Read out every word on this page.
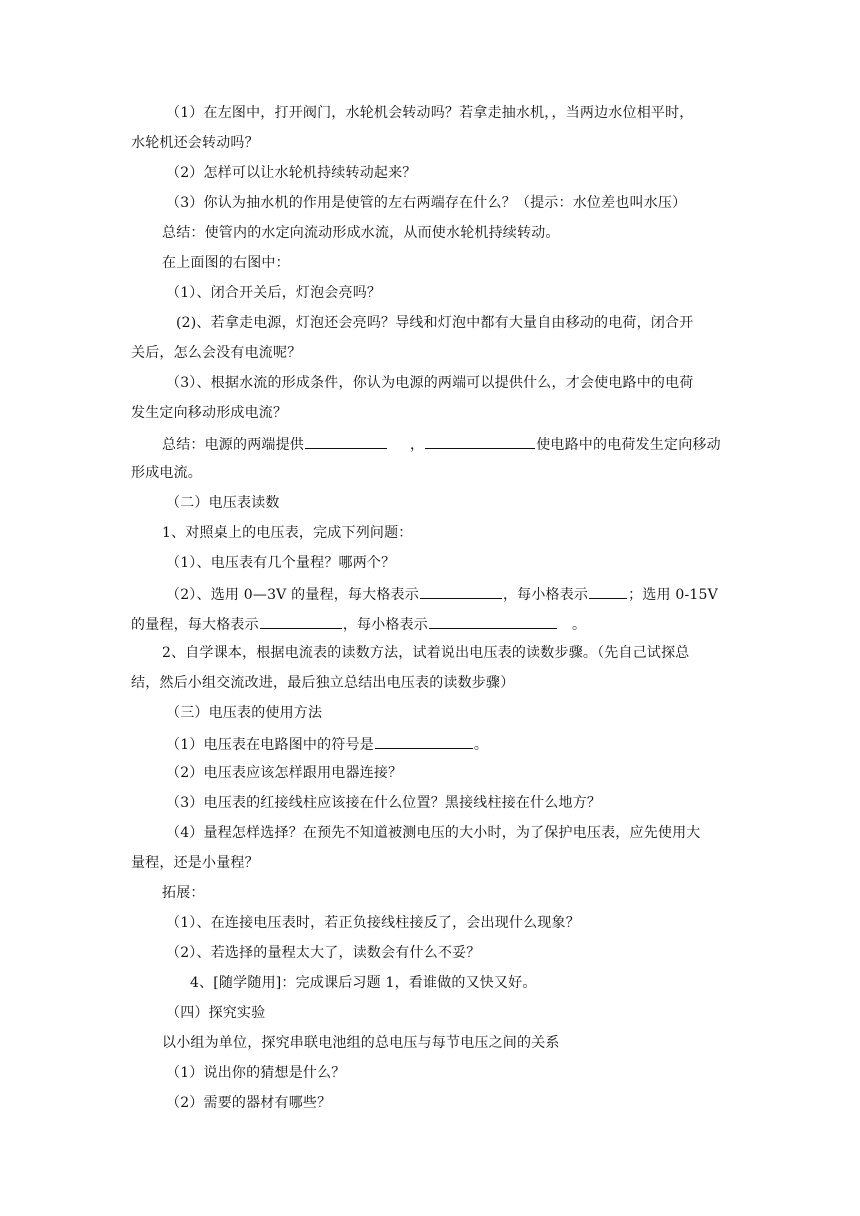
（1）在左图中，打开阀门，水轮机会转动吗？若拿走抽水机，，当两边水位相平时，
水轮机还会转动吗？
（2）怎样可以让水轮机持续转动起来？
（3）你认为抽水机的作用是使管的左右两端存在什么？（提示：水位差也叫水压）
总结：使管内的水定向流动形成水流，从而使水轮机持续转动。
在上面图的右图中：
（1）、闭合开关后，灯泡会亮吗？
(2)、若拿走电源，灯泡还会亮吗？导线和灯泡中都有大量自由移动的电荷，闭合开
关后，怎么会没有电流呢？
（3）、根据水流的形成条件，你认为电源的两端可以提供什么，才会使电路中的电荷
发生定向移动形成电流？
总结：电源的两端提供	，	使电路中的电荷发生定向移动
形成电流。
（二）电压表读数
1、对照桌上的电压表，完成下列问题：
（1）、电压表有几个量程？哪两个？
（2）、选用 0—3V 的量程，每大格表示	，每小格表示	；选用 0-15V
的量程，每大格表示	，每小格表示	。
2、自学课本，根据电流表的读数方法，试着说出电压表的读数步骤。（先自己试探总
结，然后小组交流改进，最后独立总结出电压表的读数步骤）
（三）电压表的使用方法
（1）电压表在电路图中的符号是	。
（2）电压表应该怎样跟用电器连接？
（3）电压表的红接线柱应该接在什么位置？黑接线柱接在什么地方？
（4）量程怎样选择？在预先不知道被测电压的大小时，为了保护电压表，应先使用大
量程，还是小量程？
拓展：
（1）、在连接电压表时，若正负接线柱接反了，会出现什么现象？
（2）、若选择的量程太大了，读数会有什么不妥？
4、[随学随用]：完成课后习题 1，看谁做的又快又好。
（四）探究实验
以小组为单位，探究串联电池组的总电压与每节电压之间的关系
（1）说出你的猜想是什么？
（2）需要的器材有哪些？
